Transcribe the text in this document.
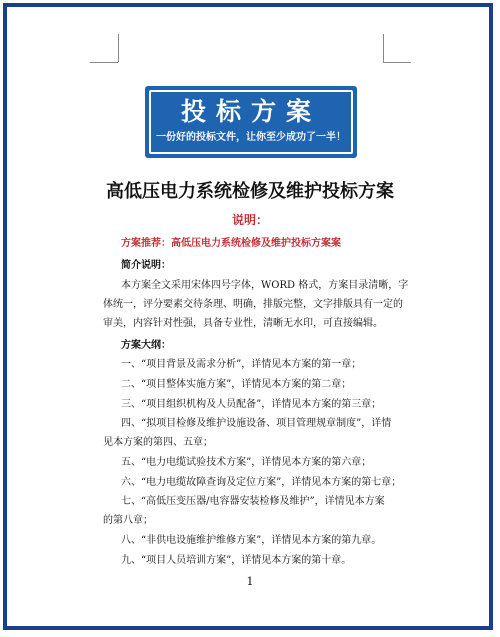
投标方案
一份好的投标文件，让你至少成功了一半！
高低压电力系统检修及维护投标方案
说明：
方案推荐：高低压电力系统检修及维护投标方案案
简介说明：
本方案全文采用宋体四号字体，WORD 格式，方案目录清晰，字
体统一，评分要素交待条理、明确，排版完整，文字排版具有一定的
审美，内容针对性强，具备专业性，清晰无水印，可直接编辑。
方案大纲：
一、“项目背景及需求分析”，详情见本方案的第一章；
二、“项目整体实施方案”，详情见本方案的第二章；
三、“项目组织机构及人员配备”，详情见本方案的第三章；
四、“拟项目检修及维护设施设备、项目管理规章制度”，详情
见本方案的第四、五章；
五、“电力电缆试验技术方案”，详情见本方案的第六章；
六、“电力电缆故障查询及定位方案”，详情见本方案的第七章；
七、“高低压变压器/电容器安装检修及维护”，详情见本方案
的第八章；
八、“非供电设施维护维修方案”，详情见本方案的第九章。
九、“项目人员培训方案”，详情见本方案的第十章。
1
